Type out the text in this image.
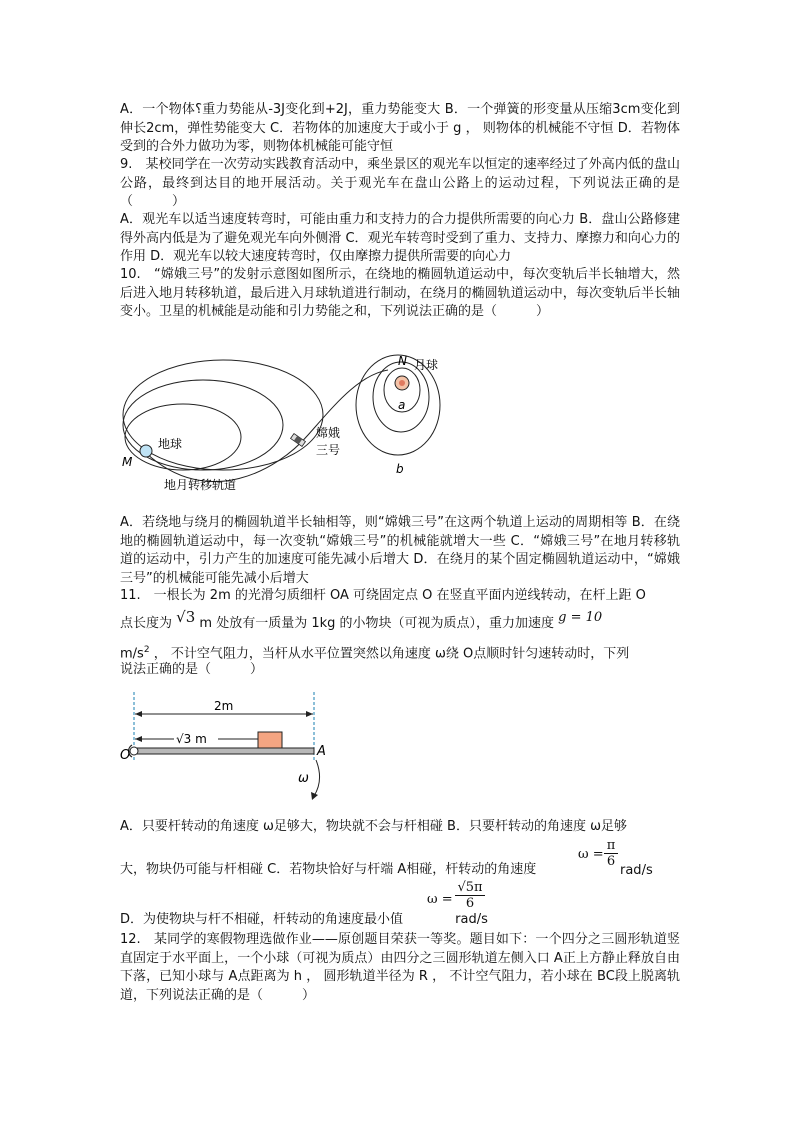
A．一个物体⸮重力势能从-3J变化到+2J，重力势能变大 B．一个弹簧的形变量从压缩3cm变化到伸长2cm，弹性势能变大 C．若物体的加速度大于或小于 g ， 则物体的机械能不守恒 D．若物体受到的合外力做功为零，则物体机械能可能守恒

9.　某校同学在一次劳动实践教育活动中，乘坐景区的观光车以恒定的速率经过了外高内低的盘山公路，最终到达目的地开展活动。关于观光车在盘山公路上的运动过程，下列说法正确的是（　　　）

A．观光车以适当速度转弯时，可能由重力和支持力的合力提供所需要的向心力 B．盘山公路修建得外高内低是为了避免观光车向外侧滑 C．观光车转弯时受到了重力、支持力、摩擦力和向心力的作用 D．观光车以较大速度转弯时，仅由摩擦力提供所需要的向心力

10.　“嫦娥三号”的发射示意图如图所示，在绕地的椭圆轨道运动中，每次变轨后半长轴增大，然后进入地月转移轨道，最后进入月球轨道进行制动，在绕月的椭圆轨道运动中，每次变轨后半长轴变小。卫星的机械能是动能和引力势能之和，下列说法正确的是（　　　）

地球
月球
M
N
a
b
嫦娥
三号
地月转移轨道

A．若绕地与绕月的椭圆轨道半长轴相等，则“嫦娥三号”在这两个轨道上运动的周期相等 B．在绕地的椭圆轨道运动中，每一次变轨“嫦娥三号”的机械能就增大一些 C．“嫦娥三号”在地月转移轨道的运动中，引力产生的加速度可能先减小后增大 D．在绕月的某个固定椭圆轨道运动中，“嫦娥三号”的机械能可能先减小后增大

11.　一根长为 2m 的光滑匀质细杆 OA 可绕固定点 O 在竖直平面内逆线转动，在杆上距 O
点长度为 √3 m 处放有一质量为 1kg 的小物块（可视为质点），重力加速度 g = 10
$m/s^2$ ， 不计空气阻力，当杆从水平位置突然以角速度 ω绕 O点顺时针匀速转动时，下列
说法正确的是（　　　）
2m
√3 m
O	A
ω
A．只要杆转动的角速度 ω足够大，物块就不会与杆相碰 B．只要杆转动的角速度 ω足够
大，物块仍可能与杆相碰 C．若物块恰好与杆端 A相碰，杆转动的角速度
ω =
π
6
rad/s
ω =
√5π
6
D．为使物块与杆不相碰，杆转动的角速度最小值	rad/s

12.　某同学的寒假物理选做作业——原创题目荣获一等奖。题目如下：一个四分之三圆形轨道竖直固定于水平面上，一个小球（可视为质点）由四分之三圆形轨道左侧入口 A正上方静止释放自由下落，已知小球与 A点距离为 h ， 圆形轨道半径为 R ， 不计空气阻力，若小球在 BC段上脱离轨道，下列说法正确的是（　　　）
